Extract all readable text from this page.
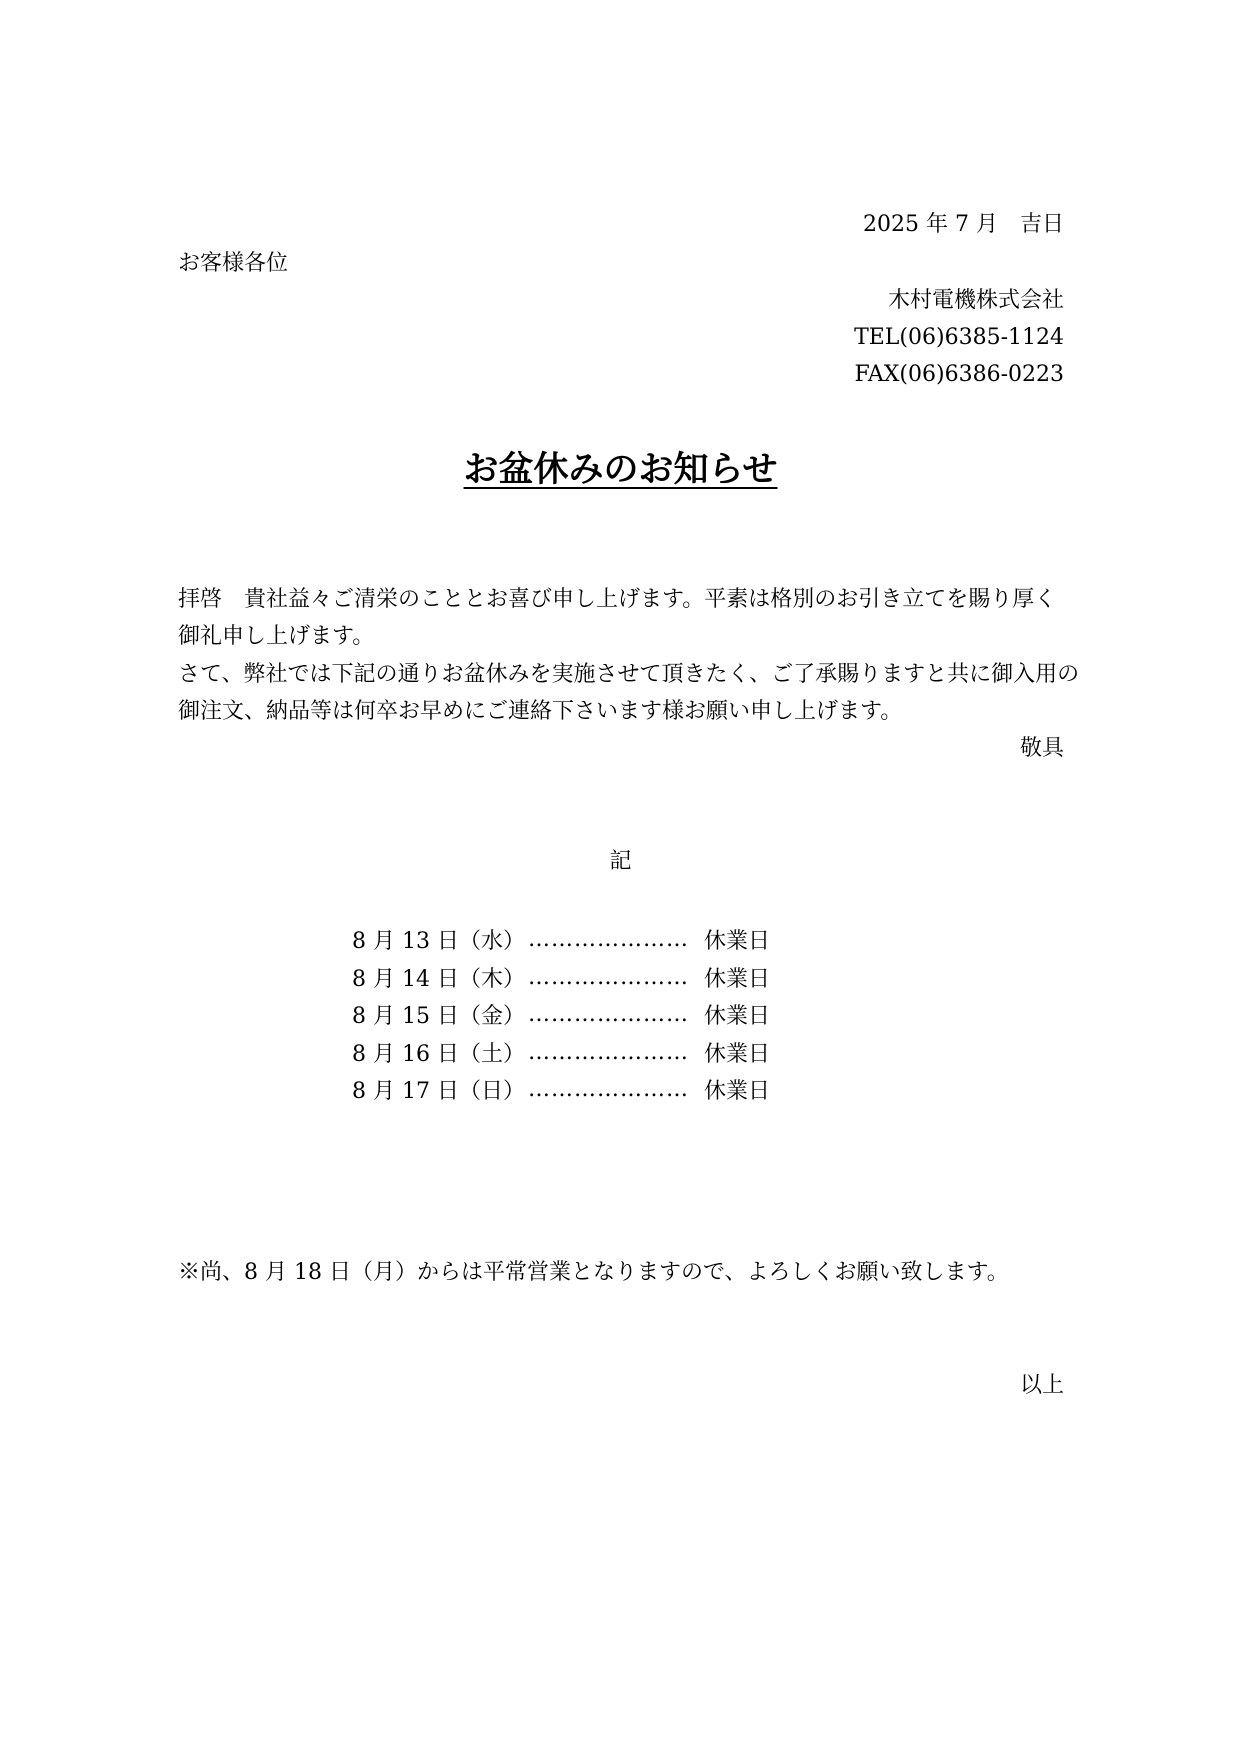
2025 年 7 月　吉日
お客様各位
木村電機株式会社
TEL(06)6385-1124
FAX(06)6386-0223
お盆休みのお知らせ
拝啓　貴社益々ご清栄のこととお喜び申し上げます。平素は格別のお引き立てを賜り厚く
御礼申し上げます。
さて、弊社では下記の通りお盆休みを実施させて頂きたく、ご了承賜りますと共に御入用の
御注文、納品等は何卒お早めにご連絡下さいます様お願い申し上げます。
敬具
記
8 月 13 日（水） ………………… 休業日
8 月 14 日（木） ………………… 休業日
8 月 15 日（金） ………………… 休業日
8 月 16 日（土） ………………… 休業日
8 月 17 日（日） ………………… 休業日
※尚、8 月 18 日（月）からは平常営業となりますので、よろしくお願い致します。
以上
